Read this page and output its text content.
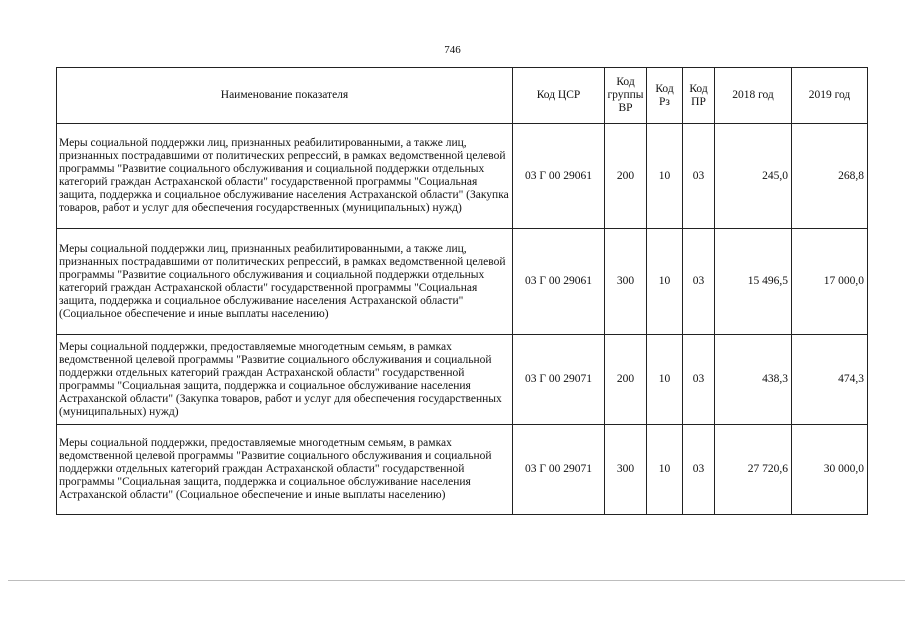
746
Наименование показателя	Код ЦСР	Код группы ВР	Код Рз	Код ПР	2018 год	2019 год
Меры социальной поддержки лиц, признанных реабилитированными, а также лиц, признанных пострадавшими от политических репрессий, в рамках ведомственной целевой программы "Развитие социального обслуживания и социальной поддержки отдельных категорий граждан Астраханской области" государственной программы "Социальная защита, поддержка и социальное обслуживание населения Астраханской области" (Закупка товаров, работ и услуг для обеспечения государственных (муниципальных) нужд)	03 Г 00 29061	200	10	03	245,0	268,8
Меры социальной поддержки лиц, признанных реабилитированными, а также лиц, признанных пострадавшими от политических репрессий, в рамках ведомственной целевой программы "Развитие социального обслуживания и социальной поддержки отдельных категорий граждан Астраханской области" государственной программы "Социальная защита, поддержка и социальное обслуживание населения Астраханской области" (Социальное обеспечение и иные выплаты населению)	03 Г 00 29061	300	10	03	15 496,5	17 000,0
Меры социальной поддержки, предоставляемые многодетным семьям, в рамках ведомственной целевой программы "Развитие социального обслуживания и социальной поддержки отдельных категорий граждан Астраханской области" государственной программы "Социальная защита, поддержка и социальное обслуживание населения Астраханской области" (Закупка товаров, работ и услуг для обеспечения государственных (муниципальных) нужд)	03 Г 00 29071	200	10	03	438,3	474,3
Меры социальной поддержки, предоставляемые многодетным семьям, в рамках ведомственной целевой программы "Развитие социального обслуживания и социальной поддержки отдельных категорий граждан Астраханской области" государственной программы "Социальная защита, поддержка и социальное обслуживание населения Астраханской области" (Социальное обеспечение и иные выплаты населению)	03 Г 00 29071	300	10	03	27 720,6	30 000,0
